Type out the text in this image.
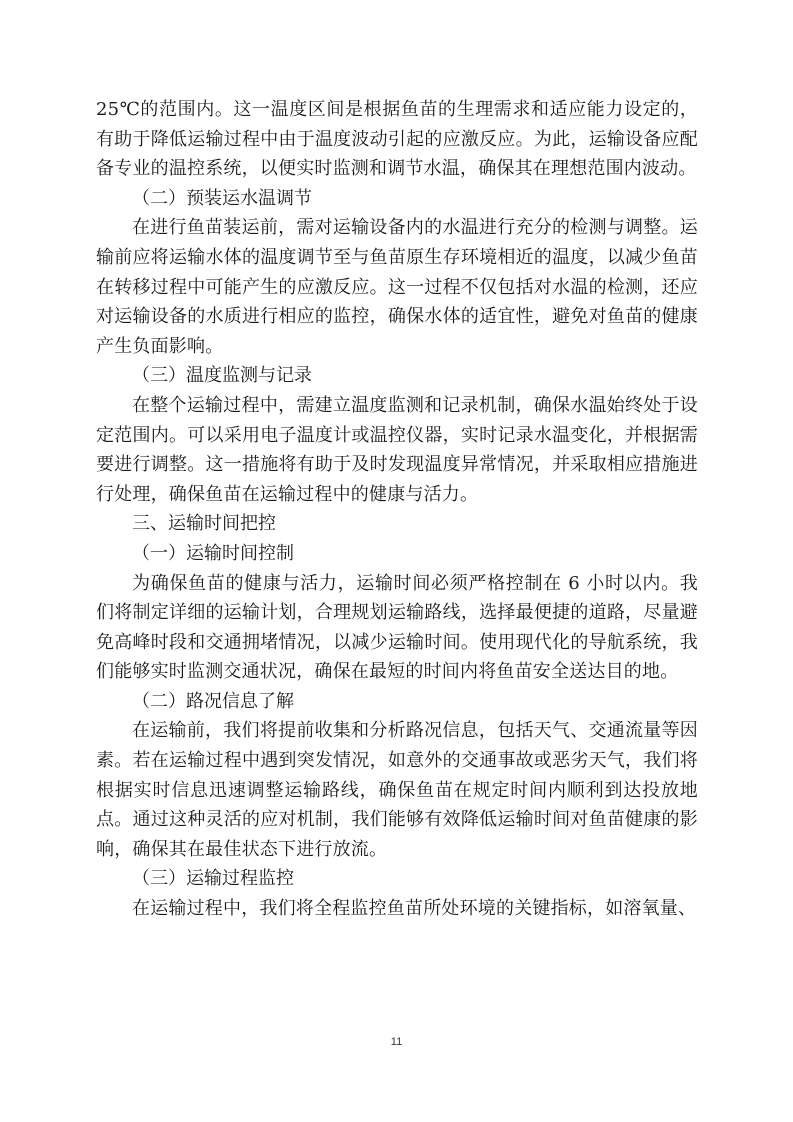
25℃的范围内。这一温度区间是根据鱼苗的生理需求和适应能力设定的，有助于降低运输过程中由于温度波动引起的应激反应。为此，运输设备应配备专业的温控系统，以便实时监测和调节水温，确保其在理想范围内波动。

（二）预装运水温调节

在进行鱼苗装运前，需对运输设备内的水温进行充分的检测与调整。运输前应将运输水体的温度调节至与鱼苗原生存环境相近的温度，以减少鱼苗在转移过程中可能产生的应激反应。这一过程不仅包括对水温的检测，还应对运输设备的水质进行相应的监控，确保水体的适宜性，避免对鱼苗的健康产生负面影响。

（三）温度监测与记录

在整个运输过程中，需建立温度监测和记录机制，确保水温始终处于设定范围内。可以采用电子温度计或温控仪器，实时记录水温变化，并根据需要进行调整。这一措施将有助于及时发现温度异常情况，并采取相应措施进行处理，确保鱼苗在运输过程中的健康与活力。

三、运输时间把控

（一）运输时间控制

为确保鱼苗的健康与活力，运输时间必须严格控制在 6 小时以内。我们将制定详细的运输计划，合理规划运输路线，选择最便捷的道路，尽量避免高峰时段和交通拥堵情况，以减少运输时间。使用现代化的导航系统，我们能够实时监测交通状况，确保在最短的时间内将鱼苗安全送达目的地。

（二）路况信息了解

在运输前，我们将提前收集和分析路况信息，包括天气、交通流量等因素。若在运输过程中遇到突发情况，如意外的交通事故或恶劣天气，我们将根据实时信息迅速调整运输路线，确保鱼苗在规定时间内顺利到达投放地点。通过这种灵活的应对机制，我们能够有效降低运输时间对鱼苗健康的影响，确保其在最佳状态下进行放流。

（三）运输过程监控

在运输过程中，我们将全程监控鱼苗所处环境的关键指标，如溶氧量、

11
